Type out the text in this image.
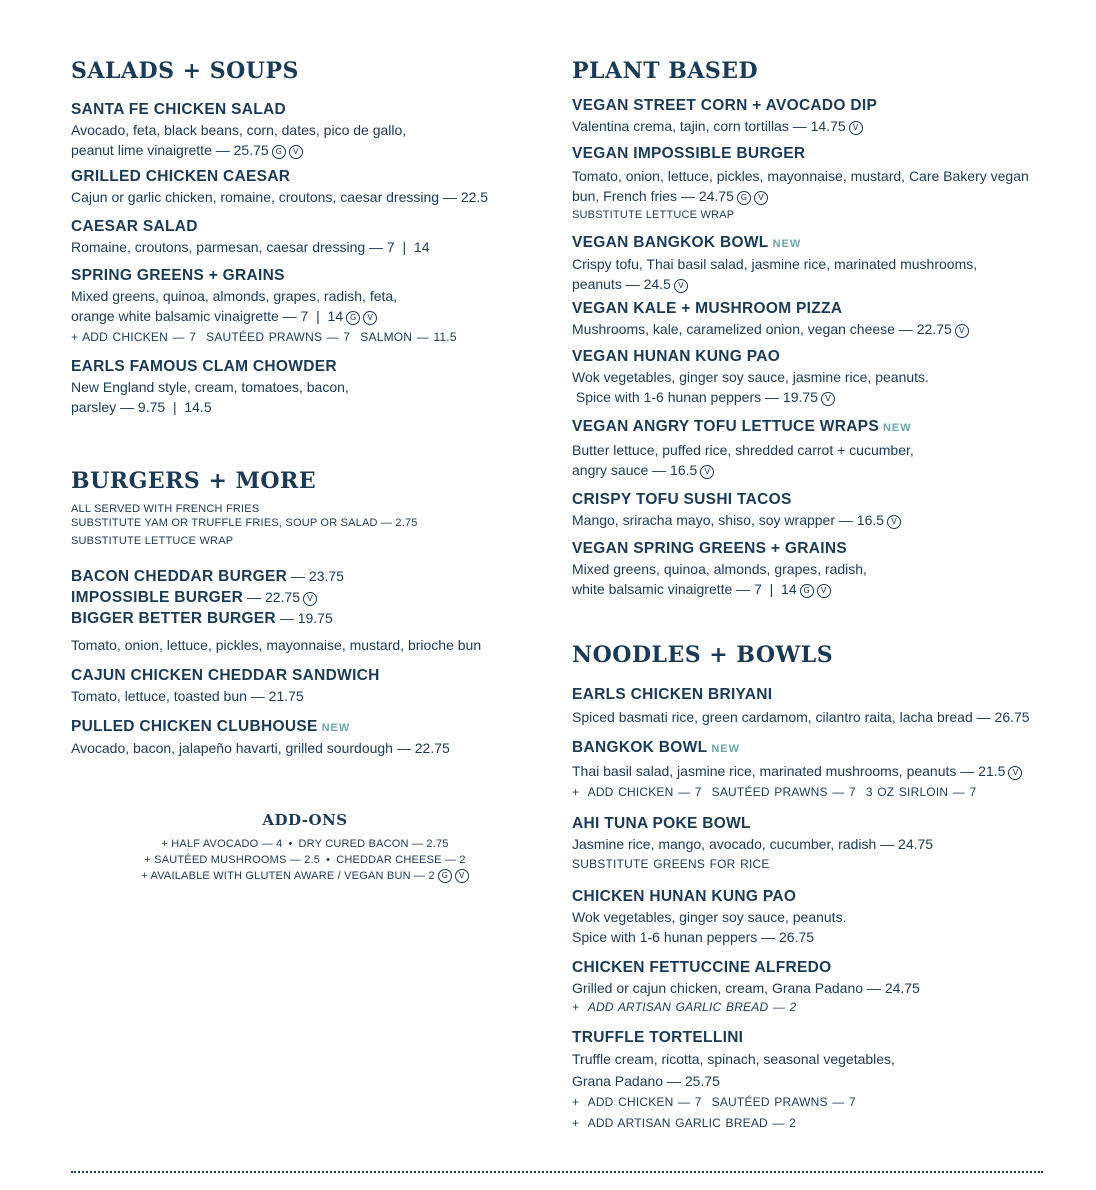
SALADS + SOUPS
SANTA FE CHICKEN SALAD
Avocado, feta, black beans, corn, dates, pico de gallo,
peanut lime vinaigrette — 25.75 G V
GRILLED CHICKEN CAESAR
Cajun or garlic chicken, romaine, croutons, caesar dressing — 22.5
CAESAR SALAD
Romaine, croutons, parmesan, caesar dressing — 7  |  14
SPRING GREENS + GRAINS
Mixed greens, quinoa, almonds, grapes, radish, feta,
orange white balsamic vinaigrette — 7  |  14 G V
+ ADD CHICKEN — 7 SAUTÉED PRAWNS — 7 SALMON — 11.5
EARLS FAMOUS CLAM CHOWDER
New England style, cream, tomatoes, bacon,
parsley — 9.75  |  14.5
BURGERS + MORE
ALL SERVED WITH FRENCH FRIES
SUBSTITUTE YAM OR TRUFFLE FRIES, SOUP OR SALAD — 2.75
SUBSTITUTE LETTUCE WRAP
BACON CHEDDAR BURGER — 23.75
IMPOSSIBLE BURGER — 22.75 V
BIGGER BETTER BURGER — 19.75
Tomato, onion, lettuce, pickles, mayonnaise, mustard, brioche bun
CAJUN CHICKEN CHEDDAR SANDWICH
Tomato, lettuce, toasted bun — 21.75
PULLED CHICKEN CLUBHOUSE NEW
Avocado, bacon, jalapeño havarti, grilled sourdough — 22.75
ADD-ONS
+ HALF AVOCADO — 4 • DRY CURED BACON — 2.75
+ SAUTÉED MUSHROOMS — 2.5 • CHEDDAR CHEESE — 2
+ AVAILABLE WITH GLUTEN AWARE / VEGAN BUN — 2 G V
PLANT BASED
VEGAN STREET CORN + AVOCADO DIP
Valentina crema, tajin, corn tortillas — 14.75 V
VEGAN IMPOSSIBLE BURGER
Tomato, onion, lettuce, pickles, mayonnaise, mustard, Care Bakery vegan
bun, French fries — 24.75 G V
SUBSTITUTE LETTUCE WRAP
VEGAN BANGKOK BOWL NEW
Crispy tofu, Thai basil salad, jasmine rice, marinated mushrooms,
peanuts — 24.5 V
VEGAN KALE + MUSHROOM PIZZA
Mushrooms, kale, caramelized onion, vegan cheese — 22.75 V
VEGAN HUNAN KUNG PAO
Wok vegetables, ginger soy sauce, jasmine rice, peanuts.
Spice with 1-6 hunan peppers — 19.75 V
VEGAN ANGRY TOFU LETTUCE WRAPS NEW
Butter lettuce, puffed rice, shredded carrot + cucumber,
angry sauce — 16.5 V
CRISPY TOFU SUSHI TACOS
Mango, sriracha mayo, shiso, soy wrapper — 16.5 V
VEGAN SPRING GREENS + GRAINS
Mixed greens, quinoa, almonds, grapes, radish,
white balsamic vinaigrette — 7  |  14 G V
NOODLES + BOWLS
EARLS CHICKEN BRIYANI
Spiced basmati rice, green cardamom, cilantro raita, lacha bread — 26.75
BANGKOK BOWL NEW
Thai basil salad, jasmine rice, marinated mushrooms, peanuts — 21.5 V
+  ADD CHICKEN — 7 SAUTÉED PRAWNS — 7 3 OZ SIRLOIN — 7
AHI TUNA POKE BOWL
Jasmine rice, mango, avocado, cucumber, radish — 24.75
SUBSTITUTE GREENS FOR RICE
CHICKEN HUNAN KUNG PAO
Wok vegetables, ginger soy sauce, peanuts.
Spice with 1-6 hunan peppers — 26.75
CHICKEN FETTUCCINE ALFREDO
Grilled or cajun chicken, cream, Grana Padano — 24.75
+  ADD ARTISAN GARLIC BREAD — 2
TRUFFLE TORTELLINI
Truffle cream, ricotta, spinach, seasonal vegetables,
Grana Padano — 25.75
+  ADD CHICKEN — 7 SAUTÉED PRAWNS — 7
+  ADD ARTISAN GARLIC BREAD — 2
